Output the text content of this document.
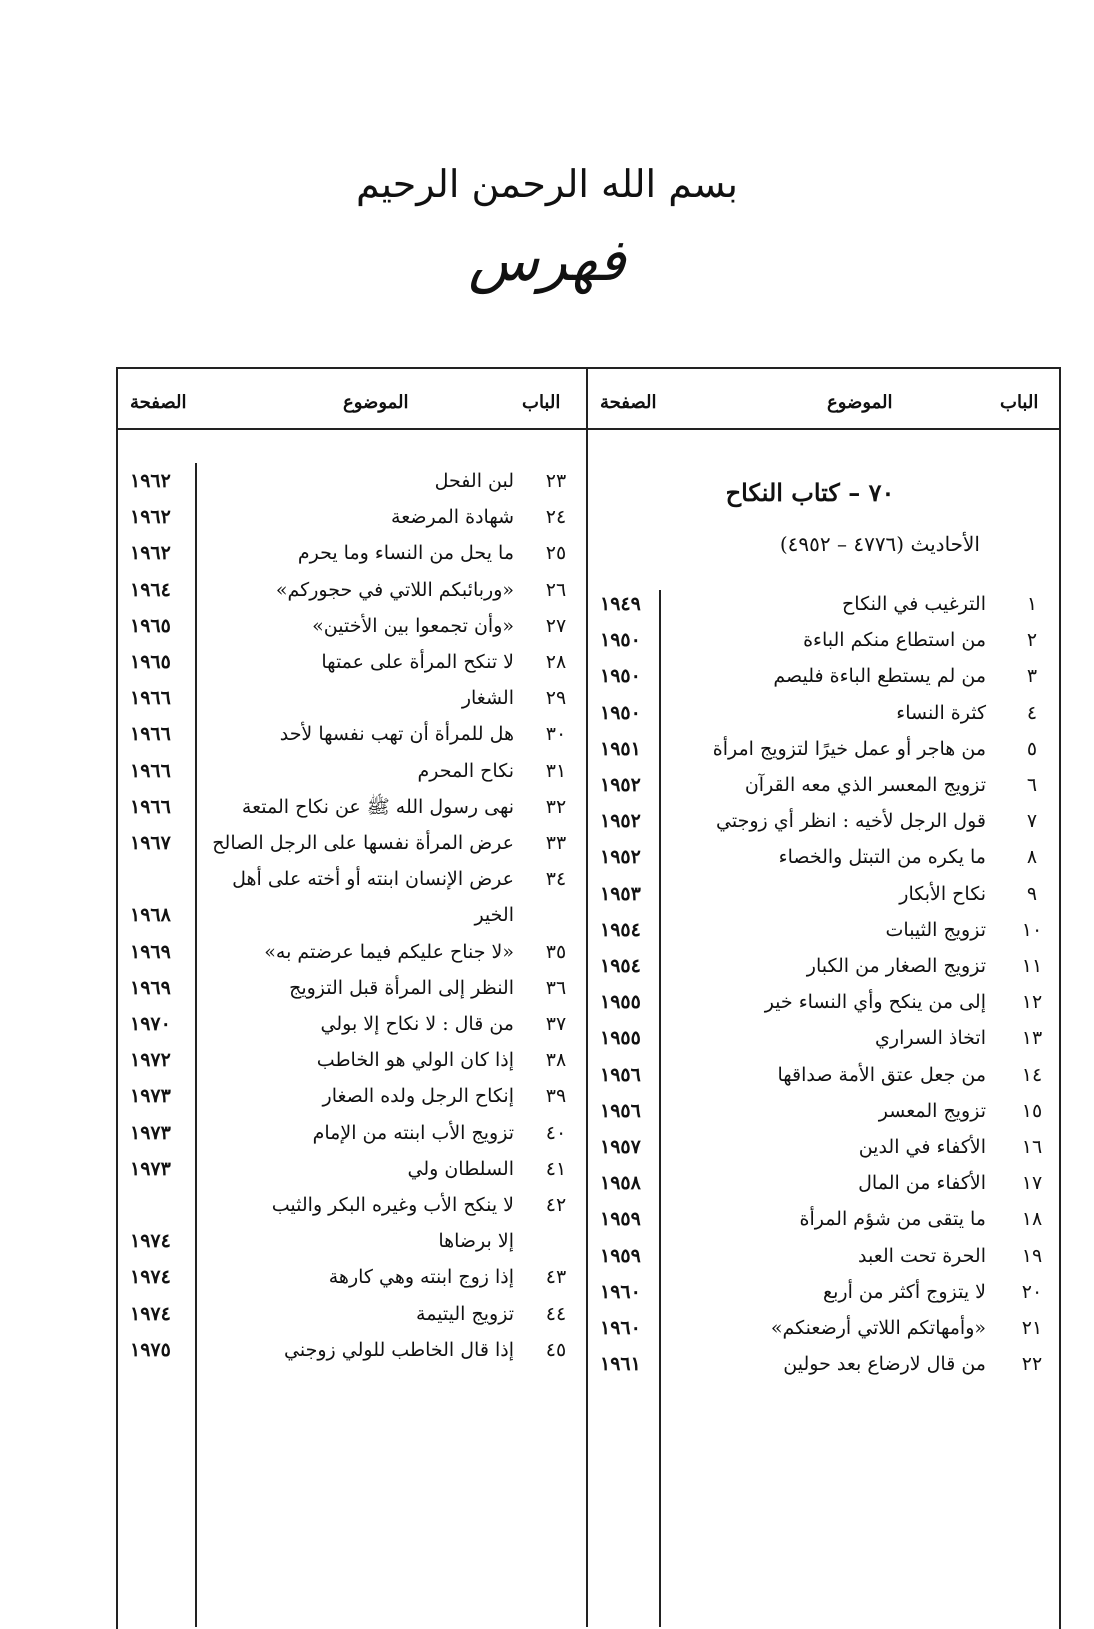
بسم الله الرحمن الرحيم
فهرس
الباب
الموضوع
الصفحة
الباب
الموضوع
الصفحة
٧٠ – كتاب النكاح
الأحاديث (٤٧٧٦ – ٤٩٥٢)
١
الترغيب في النكاح
١٩٤٩
٢
من استطاع منكم الباءة
١٩٥٠
٣
من لم يستطع الباءة فليصم
١٩٥٠
٤
كثرة النساء
١٩٥٠
٥
من هاجر أو عمل خيرًا لتزويج امرأة
١٩٥١
٦
تزويج المعسر الذي معه القرآن
١٩٥٢
٧
قول الرجل لأخيه : انظر أي زوجتي
١٩٥٢
٨
ما يكره من التبتل والخصاء
١٩٥٢
٩
نكاح الأبكار
١٩٥٣
١٠
تزويج الثيبات
١٩٥٤
١١
تزويج الصغار من الكبار
١٩٥٤
١٢
إلى من ينكح وأي النساء خير
١٩٥٥
١٣
اتخاذ السراري
١٩٥٥
١٤
من جعل عتق الأمة صداقها
١٩٥٦
١٥
تزويج المعسر
١٩٥٦
١٦
الأكفاء في الدين
١٩٥٧
١٧
الأكفاء من المال
١٩٥٨
١٨
ما يتقى من شؤم المرأة
١٩٥٩
١٩
الحرة تحت العبد
١٩٥٩
٢٠
لا يتزوج أكثر من أربع
١٩٦٠
٢١
«وأمهاتكم اللاتي أرضعنكم»
١٩٦٠
٢٢
من قال لارضاع بعد حولين
١٩٦١
٢٣
لبن الفحل
١٩٦٢
٢٤
شهادة المرضعة
١٩٦٢
٢٥
ما يحل من النساء وما يحرم
١٩٦٢
٢٦
«وربائبكم اللاتي في حجوركم»
١٩٦٤
٢٧
«وأن تجمعوا بين الأختين»
١٩٦٥
٢٨
لا تنكح المرأة على عمتها
١٩٦٥
٢٩
الشغار
١٩٦٦
٣٠
هل للمرأة أن تهب نفسها لأحد
١٩٦٦
٣١
نكاح المحرم
١٩٦٦
٣٢
نهى رسول الله ﷺ عن نكاح المتعة
١٩٦٦
٣٣
عرض المرأة نفسها على الرجل الصالح
١٩٦٧
٣٤
عرض الإنسان ابنته أو أخته على أهل
الخير
١٩٦٨
٣٥
«لا جناح عليكم فيما عرضتم به»
١٩٦٩
٣٦
النظر إلى المرأة قبل التزويج
١٩٦٩
٣٧
من قال : لا نكاح إلا بولي
١٩٧٠
٣٨
إذا كان الولي هو الخاطب
١٩٧٢
٣٩
إنكاح الرجل ولده الصغار
١٩٧٣
٤٠
تزويج الأب ابنته من الإمام
١٩٧٣
٤١
السلطان ولي
١٩٧٣
٤٢
لا ينكح الأب وغيره البكر والثيب
إلا برضاها
١٩٧٤
٤٣
إذا زوج ابنته وهي كارهة
١٩٧٤
٤٤
تزويج اليتيمة
١٩٧٤
٤٥
إذا قال الخاطب للولي زوجني
١٩٧٥
